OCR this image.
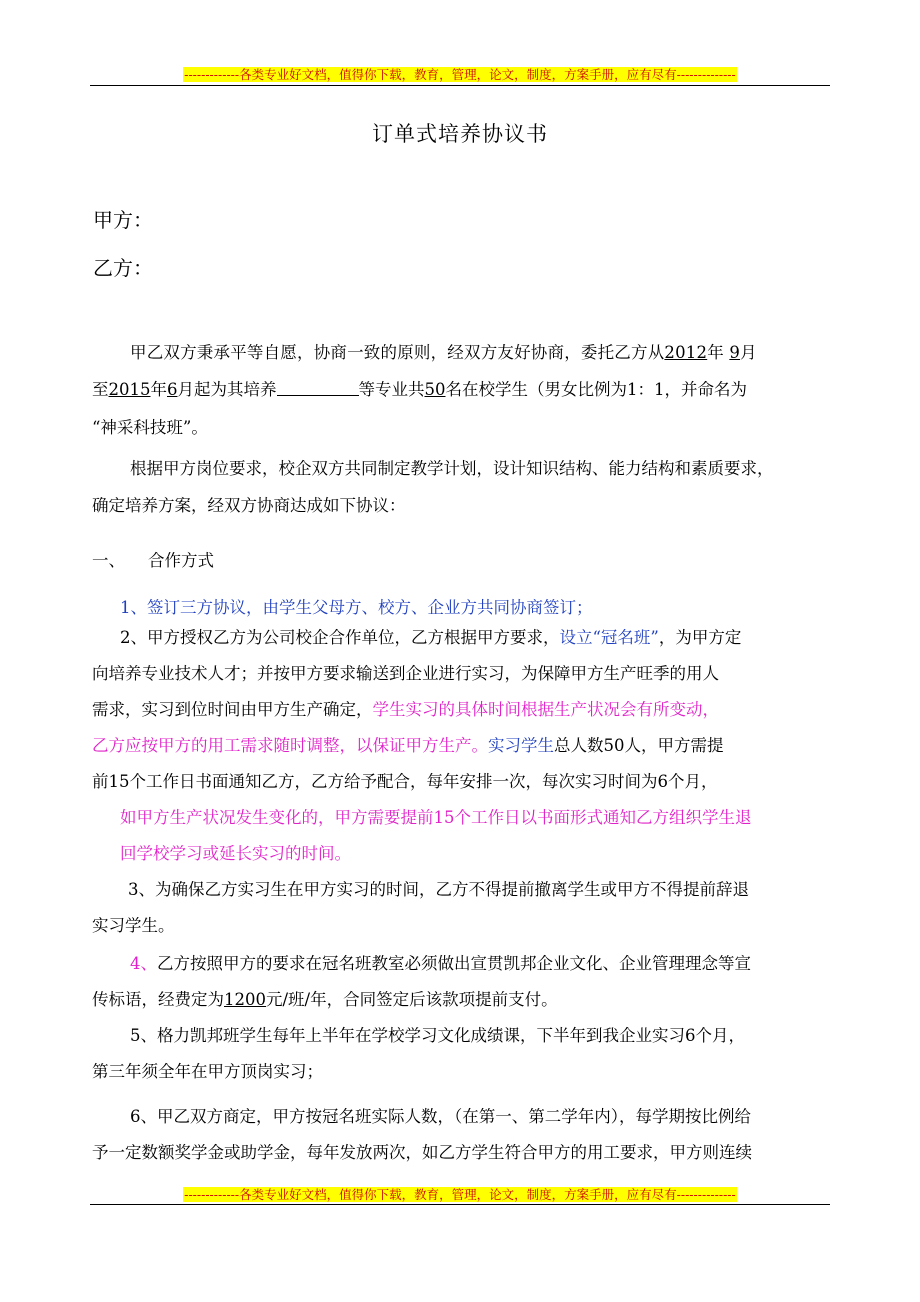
-------------各类专业好文档，值得你下载，教育，管理，论文，制度，方案手册，应有尽有--------------
订单式培养协议书
甲方：
乙方：
甲乙双方秉承平等自愿，协商一致的原则，经双方友好协商，委托乙方从2012年 9月
至2015年6月起为其培养	等专业共50名在校学生（男女比例为1：1，并命名为
“神采科技班”。
根据甲方岗位要求，校企双方共同制定教学计划，设计知识结构、能力结构和素质要求，
确定培养方案，经双方协商达成如下协议：
一、 合作方式
1、签订三方协议，由学生父母方、校方、企业方共同协商签订；
2、甲方授权乙方为公司校企合作单位，乙方根据甲方要求，设立“冠名班”，为甲方定
向培养专业技术人才；并按甲方要求输送到企业进行实习，为保障甲方生产旺季的用人
需求，实习到位时间由甲方生产确定，学生实习的具体时间根据生产状况会有所变动，
乙方应按甲方的用工需求随时调整，以保证甲方生产。实习学生总人数50人，甲方需提
前15个工作日书面通知乙方，乙方给予配合，每年安排一次，每次实习时间为6个月，
如甲方生产状况发生变化的，甲方需要提前15个工作日以书面形式通知乙方组织学生退
回学校学习或延长实习的时间。
3、为确保乙方实习生在甲方实习的时间，乙方不得提前撤离学生或甲方不得提前辞退
实习学生。
4、乙方按照甲方的要求在冠名班教室必须做出宣贯凯邦企业文化、企业管理理念等宣
传标语，经费定为1200元/班/年，合同签定后该款项提前支付。
5、格力凯邦班学生每年上半年在学校学习文化成绩课，下半年到我企业实习6个月，
第三年须全年在甲方顶岗实习；
6、甲乙双方商定，甲方按冠名班实际人数，（在第一、第二学年内），每学期按比例给
予一定数额奖学金或助学金，每年发放两次，如乙方学生符合甲方的用工要求，甲方则连续
-------------各类专业好文档，值得你下载，教育，管理，论文，制度，方案手册，应有尽有--------------
